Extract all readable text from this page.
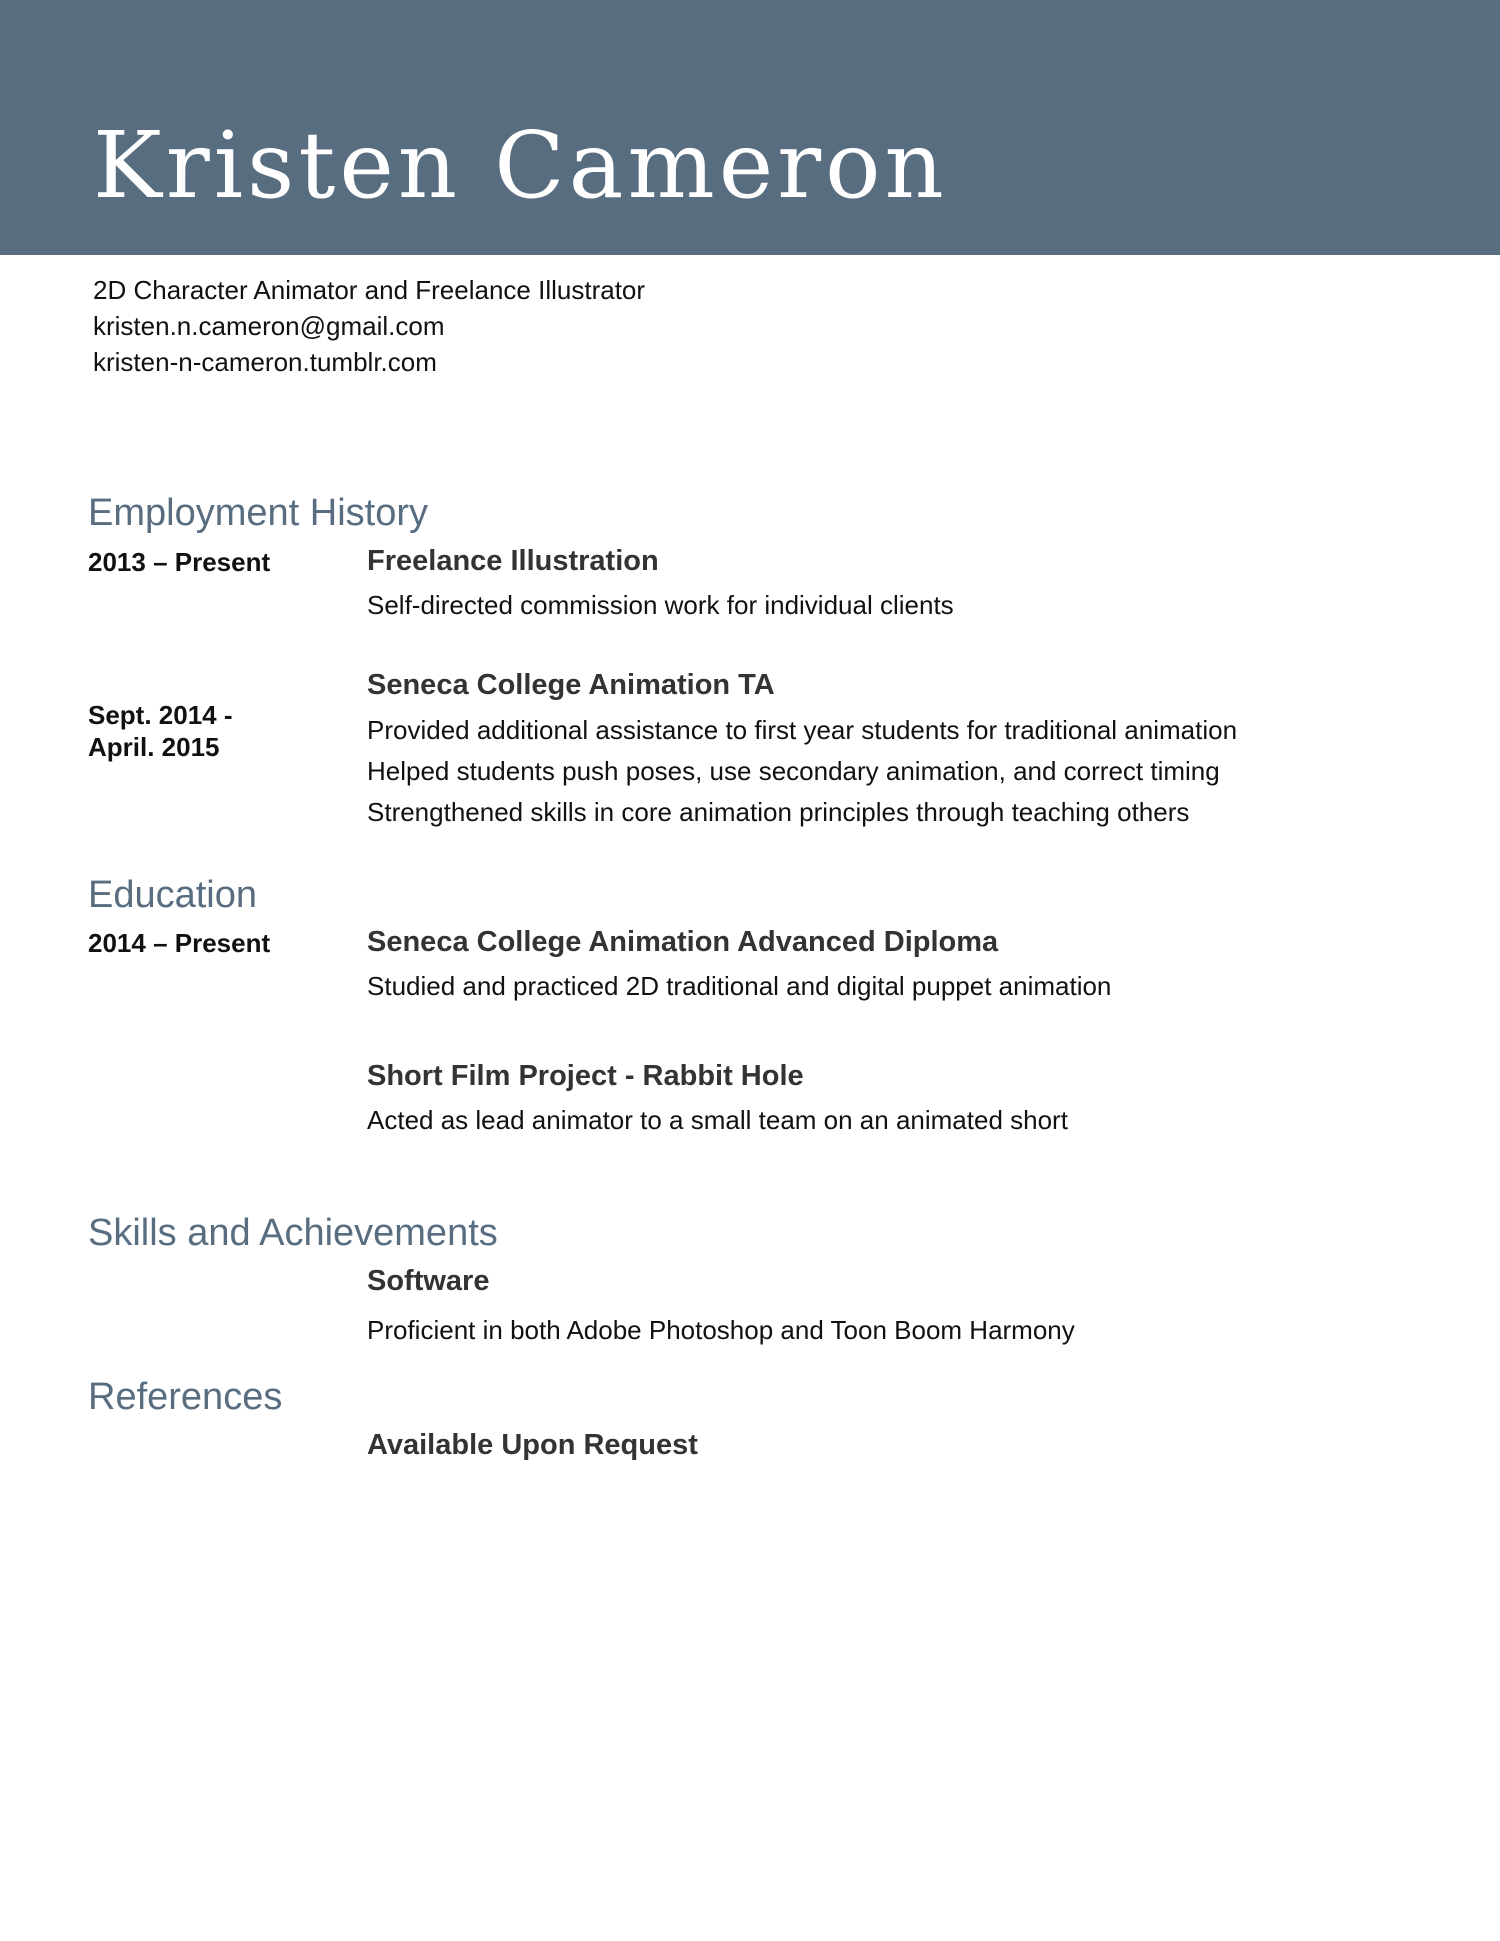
Kristen Cameron
2D Character Animator and Freelance Illustrator
kristen.n.cameron@gmail.com
kristen-n-cameron.tumblr.com
Employment History
2013 – Present	Freelance Illustration
Self-directed commission work for individual clients
Sept. 2014 -
April. 2015
Seneca College Animation TA
Provided additional assistance to first year students for traditional animation
Helped students push poses, use secondary animation, and correct timing
Strengthened skills in core animation principles through teaching others
Education
2014 – Present	Seneca College Animation Advanced Diploma
Studied and practiced 2D traditional and digital puppet animation
Short Film Project - Rabbit Hole
Acted as lead animator to a small team on an animated short
Skills and Achievements
Software
Proficient in both Adobe Photoshop and Toon Boom Harmony
References
Available Upon Request
